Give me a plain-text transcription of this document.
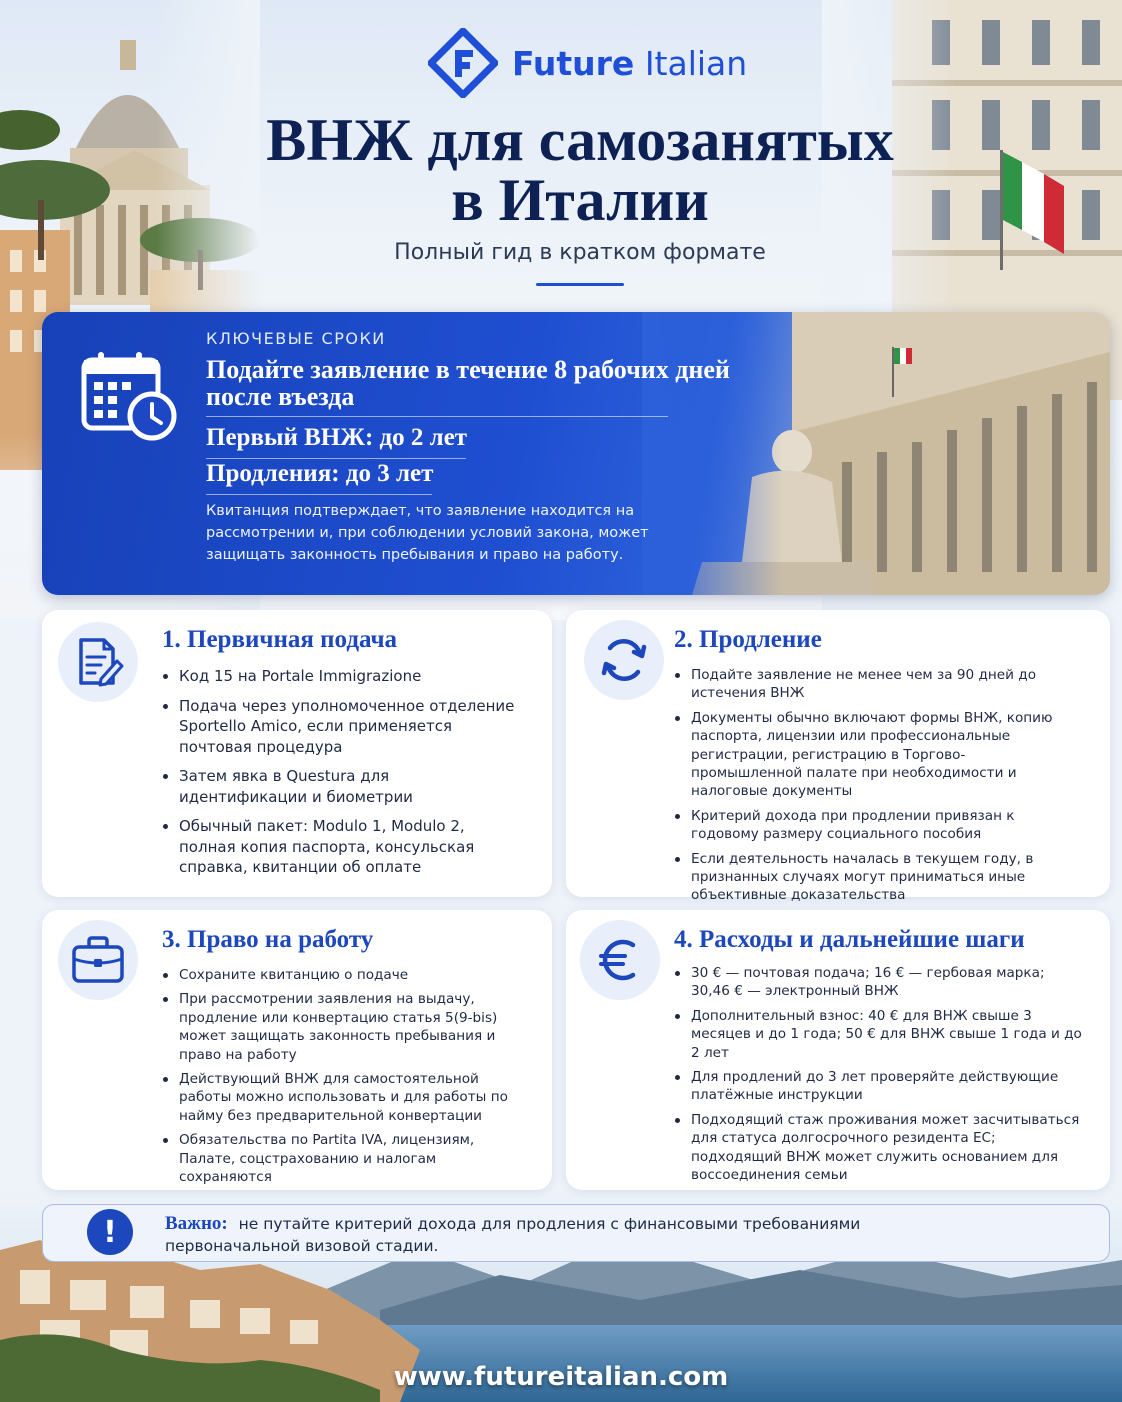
Future Italian
ВНЖ для самозанятых
в Италии
Полный гид в кратком формате
КЛЮЧЕВЫЕ СРОКИ
Подайте заявление в течение 8 рабочих дней после въезда
Первый ВНЖ: до 2 лет
Продления: до 3 лет
Квитанция подтверждает, что заявление находится на рассмотрении и, при соблюдении условий закона, может защищать законность пребывания и право на работу.
1. Первичная подача
Код 15 на Portale Immigrazione
Подача через уполномоченное отделение Sportello Amico, если применяется почтовая процедура
Затем явка в Questura для идентификации и биометрии
Обычный пакет: Modulo 1, Modulo 2, полная копия паспорта, консульская справка, квитанции об оплате
2. Продление
Подайте заявление не менее чем за 90 дней до истечения ВНЖ
Документы обычно включают формы ВНЖ, копию паспорта, лицензии или профессиональные регистрации, регистрацию в Торгово-промышленной палате при необходимости и налоговые документы
Критерий дохода при продлении привязан к годовому размеру социального пособия
Если деятельность началась в текущем году, в признанных случаях могут приниматься иные объективные доказательства
3. Право на работу
Сохраните квитанцию о подаче
При рассмотрении заявления на выдачу, продление или конвертацию статья 5(9-bis) может защищать законность пребывания и право на работу
Действующий ВНЖ для самостоятельной работы можно использовать и для работы по найму без предварительной конвертации
Обязательства по Partita IVA, лицензиям, Палате, соцстрахованию и налогам сохраняются
4. Расходы и дальнейшие шаги
30 € — почтовая подача; 16 € — гербовая марка; 30,46 € — электронный ВНЖ
Дополнительный взнос: 40 € для ВНЖ свыше 3 месяцев и до 1 года; 50 € для ВНЖ свыше 1 года и до 2 лет
Для продлений до 3 лет проверяйте действующие платёжные инструкции
Подходящий стаж проживания может засчитываться для статуса долгосрочного резидента ЕС; подходящий ВНЖ может служить основанием для воссоединения семьи
!	Важно: не путайте критерий дохода для продления с финансовыми требованиями первоначальной визовой стадии.
www.futureitalian.com
